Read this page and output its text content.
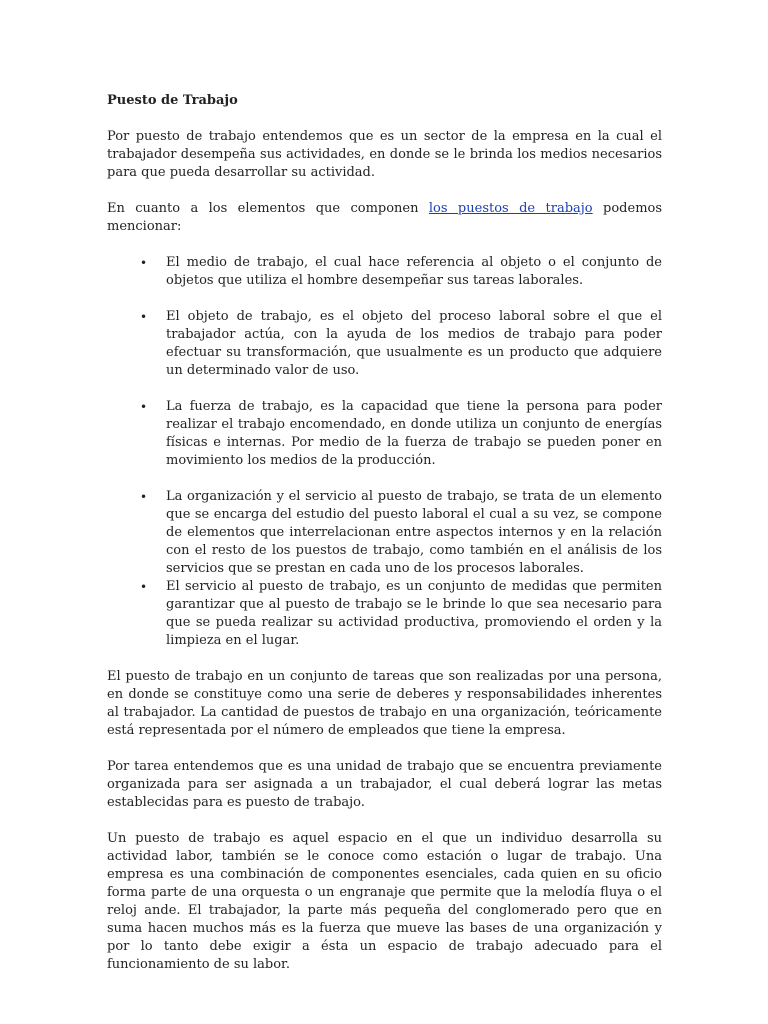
Puesto de Trabajo

Por puesto de trabajo entendemos que es un sector de la empresa en la cual el trabajador desempeña sus actividades, en donde se le brinda los medios necesarios para que pueda desarrollar su actividad.

En cuanto a los elementos que componen los puestos de trabajo podemos mencionar:

• El medio de trabajo, el cual hace referencia al objeto o el conjunto de objetos que utiliza el hombre desempeñar sus tareas laborales.
• El objeto de trabajo, es el objeto del proceso laboral sobre el que el trabajador actúa, con la ayuda de los medios de trabajo para poder efectuar su transformación, que usualmente es un producto que adquiere un determinado valor de uso.
• La fuerza de trabajo, es la capacidad que tiene la persona para poder realizar el trabajo encomendado, en donde utiliza un conjunto de energías físicas e internas. Por medio de la fuerza de trabajo se pueden poner en movimiento los medios de la producción.
• La organización y el servicio al puesto de trabajo, se trata de un elemento que se encarga del estudio del puesto laboral el cual a su vez, se compone de elementos que interrelacionan entre aspectos internos y en la relación con el resto de los puestos de trabajo, como también en el análisis de los servicios que se prestan en cada uno de los procesos laborales.
• El servicio al puesto de trabajo, es un conjunto de medidas que permiten garantizar que al puesto de trabajo se le brinde lo que sea necesario para que se pueda realizar su actividad productiva, promoviendo el orden y la limpieza en el lugar.

El puesto de trabajo en un conjunto de tareas que son realizadas por una persona, en donde se constituye como una serie de deberes y responsabilidades inherentes al trabajador. La cantidad de puestos de trabajo en una organización, teóricamente está representada por el número de empleados que tiene la empresa.

Por tarea entendemos que es una unidad de trabajo que se encuentra previamente organizada para ser asignada a un trabajador, el cual deberá lograr las metas establecidas para es puesto de trabajo.

Un puesto de trabajo es aquel espacio en el que un individuo desarrolla su actividad labor, también se le conoce como estación o lugar de trabajo. Una empresa es una combinación de componentes esenciales, cada quien en su oficio forma parte de una orquesta o un engranaje que permite que la melodía fluya o el reloj ande. El trabajador, la parte más pequeña del conglomerado pero que en suma hacen muchos más es la fuerza que mueve las bases de una organización y por lo tanto debe exigir a ésta un espacio de trabajo adecuado para el funcionamiento de su labor.
